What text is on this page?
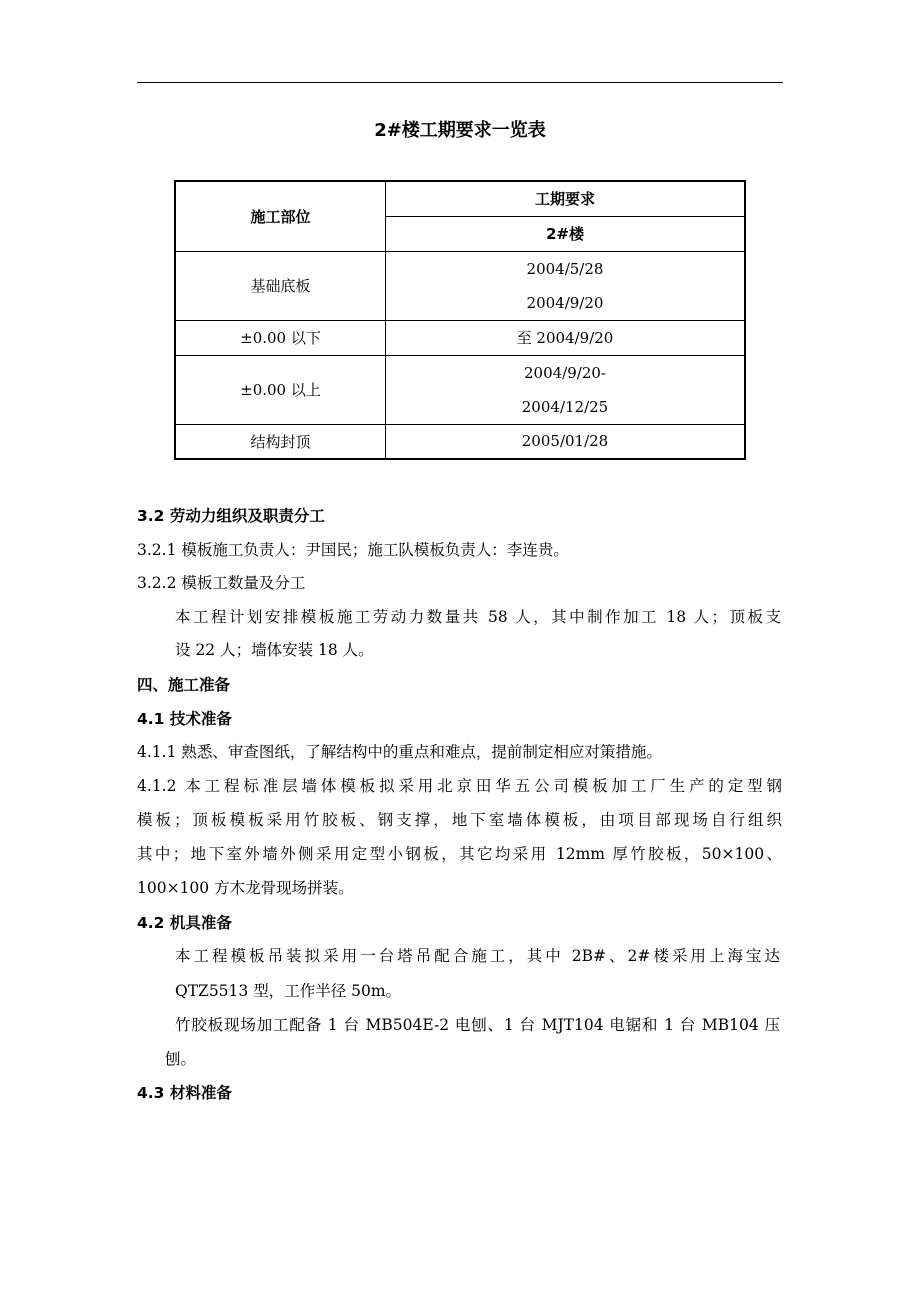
2#楼工期要求一览表
施工部位	工期要求
	2#楼
基础底板	2004/5/28
2004/9/20

±0.00 以下	至 2004/9/20
±0.00 以上	2004/9/20-
2004/12/25

结构封顶	2005/01/28
3.2 劳动力组织及职责分工
3.2.1 模板施工负责人：尹国民；施工队模板负责人：李连贵。
3.2.2 模板工数量及分工
本工程计划安排模板施工劳动力数量共 58 人，其中制作加工 18 人；顶板支
设 22 人；墙体安装 18 人。
四、施工准备
4.1 技术准备
4.1.1 熟悉、审查图纸，了解结构中的重点和难点，提前制定相应对策措施。
4.1.2 本工程标准层墙体模板拟采用北京田华五公司模板加工厂生产的定型钢
模板；顶板模板采用竹胶板、钢支撑，地下室墙体模板，由项目部现场自行组织
其中；地下室外墙外侧采用定型小钢板，其它均采用 12mm 厚竹胶板，50×100、
100×100 方木龙骨现场拼装。
4.2 机具准备
本工程模板吊装拟采用一台塔吊配合施工，其中 2B#、2#楼采用上海宝达
QTZ5513 型，工作半径 50m。
竹胶板现场加工配备 1 台 MB504E-2 电刨、1 台 MJT104 电锯和 1 台 MB104 压
刨。
4.3 材料准备
